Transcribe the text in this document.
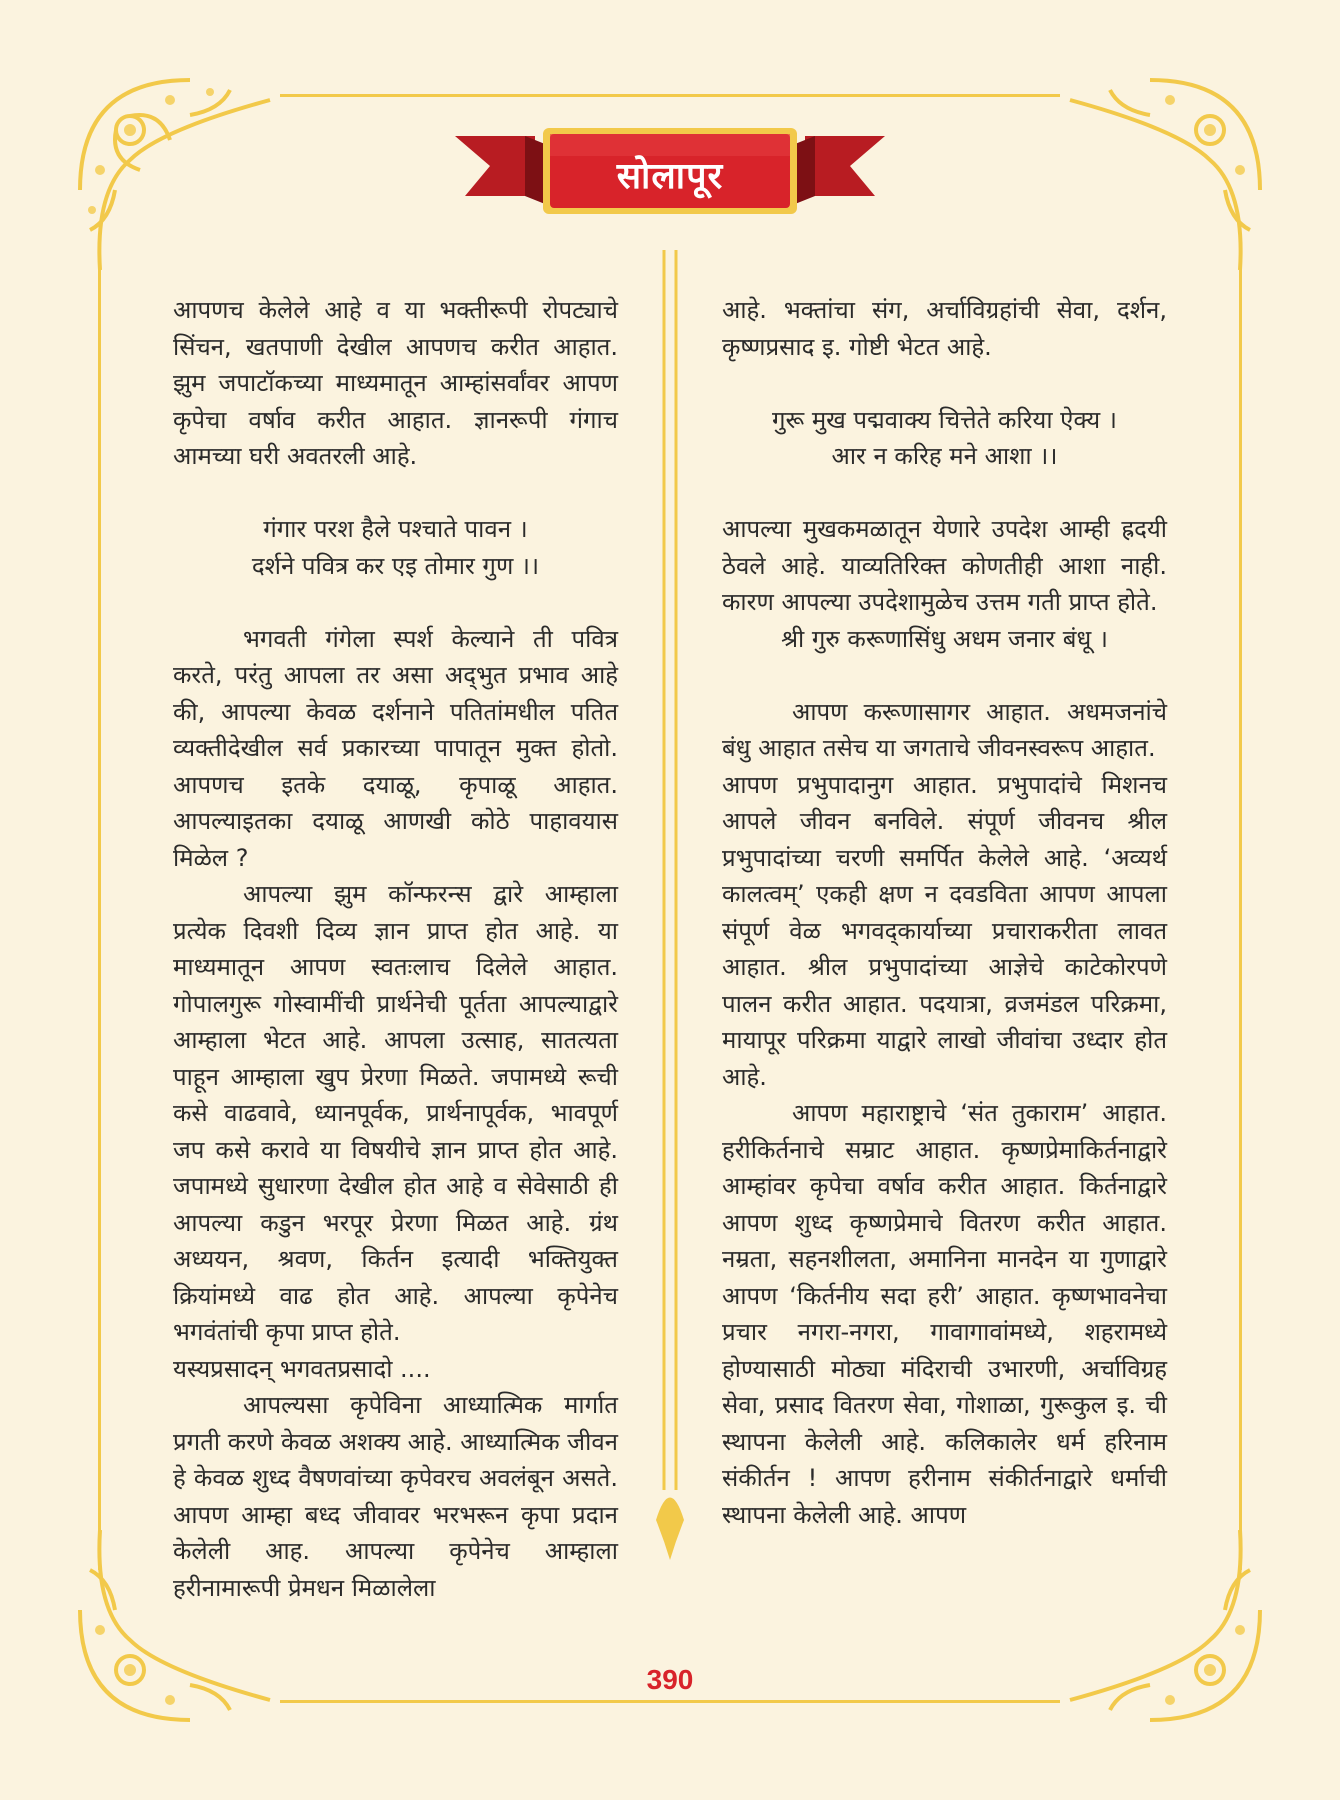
सोलापूर

आपणच केलेले आहे व या भक्तीरूपी रोपट्याचे सिंचन, खतपाणी देखील आपणच करीत आहात. झुम जपाटॉकच्या माध्यमातून आम्हांसर्वांवर आपण कृपेचा वर्षाव करीत आहात. ज्ञानरूपी गंगाच आमच्या घरी अवतरली आहे.

गंगार परश हैले पश्चाते पावन ।
दर्शने पवित्र कर एइ तोमार गुण ।।

भगवती गंगेला स्पर्श केल्याने ती पवित्र करते, परंतु आपला तर असा अद्‌भुत प्रभाव आहे की, आपल्या केवळ दर्शनाने पतितांमधील पतित व्यक्तीदेखील सर्व प्रकारच्या पापातून मुक्त होतो. आपणच इतके दयाळू, कृपाळू आहात. आपल्याइतका दयाळू आणखी कोठे पाहावयास मिळेल ?

आपल्या झुम कॉन्फरन्स द्वारे आम्हाला प्रत्येक दिवशी दिव्य ज्ञान प्राप्त होत आहे. या माध्यमातून आपण स्वतःलाच दिलेले आहात. गोपालगुरू गोस्वामींची प्रार्थनेची पूर्तता आपल्याद्वारे आम्हाला भेटत आहे. आपला उत्साह, सातत्यता पाहून आम्हाला खुप प्रेरणा मिळते. जपामध्ये रूची कसे वाढवावे, ध्यानपूर्वक, प्रार्थनापूर्वक, भावपूर्ण जप कसे करावे या विषयीचे ज्ञान प्राप्त होत आहे. जपामध्ये सुधारणा देखील होत आहे व सेवेसाठी ही आपल्या कडुन भरपूर प्रेरणा मिळत आहे. ग्रंथ अध्ययन, श्रवण, किर्तन इत्यादी भक्तियुक्त क्रियांमध्ये वाढ होत आहे. आपल्या कृपेनेच भगवंतांची कृपा प्राप्त होते.

यस्यप्रसादन् भगवतप्रसादो ....

आपल्यसा कृपेविना आध्यात्मिक मार्गात प्रगती करणे केवळ अशक्य आहे. आध्यात्मिक जीवन हे केवळ शुध्द वैषणवांच्या कृपेवरच अवलंबून असते. आपण आम्हा बध्द जीवावर भरभरून कृपा प्रदान केलेली आह. आपल्या कृपेनेच आम्हाला हरीनामारूपी प्रेमधन मिळालेला

आहे. भक्तांचा संग, अर्चाविग्रहांची सेवा, दर्शन, कृष्णप्रसाद इ. गोष्टी भेटत आहे.

गुरू मुख पद्मवाक्य चित्तेते करिया ऐक्य ।
आर न करिह मने आशा ।।

आपल्या मुखकमळातून येणारे उपदेश आम्ही ह्रदयी ठेवले आहे. याव्यतिरिक्त कोणतीही आशा नाही. कारण आपल्या उपदेशामुळेच उत्तम गती प्राप्त होते.

श्री गुरु करूणासिंधु अधम जनार बंधू ।

आपण करूणासागर आहात. अधमजनांचे बंधु आहात तसेच या जगताचे जीवनस्वरूप आहात.

आपण प्रभुपादानुग आहात. प्रभुपादांचे मिशनच आपले जीवन बनविले. संपूर्ण जीवनच श्रील प्रभुपादांच्या चरणी समर्पित केलेले आहे. ‘अव्यर्थ कालत्वम्’ एकही क्षण न दवडविता आपण आपला संपूर्ण वेळ भगवद्कार्याच्या प्रचाराकरीता लावत आहात. श्रील प्रभुपादांच्या आज्ञेचे काटेकोरपणे पालन करीत आहात. पदयात्रा, व्रजमंडल परिक्रमा, मायापूर परिक्रमा याद्वारे लाखो जीवांचा उध्दार होत आहे.

आपण महाराष्ट्राचे ‘संत तुकाराम’ आहात. हरीकिर्तनाचे सम्राट आहात. कृष्णप्रेमाकिर्तनाद्वारे आम्हांवर कृपेचा वर्षाव करीत आहात. किर्तनाद्वारे आपण शुध्द कृष्णप्रेमाचे वितरण करीत आहात. नम्रता, सहनशीलता, अमानिना मानदेन या गुणाद्वारे आपण ‘किर्तनीय सदा हरी’ आहात. कृष्णभावनेचा प्रचार नगरा-नगरा, गावागावांमध्ये, शहरामध्ये होण्यासाठी मोठ्या मंदिराची उभारणी, अर्चाविग्रह सेवा, प्रसाद वितरण सेवा, गोशाळा, गुरूकुल इ. ची स्थापना केलेली आहे. कलिकालेर धर्म हरिनाम संकीर्तन ! आपण हरीनाम संकीर्तनाद्वारे धर्माची स्थापना केलेली आहे. आपण

390
